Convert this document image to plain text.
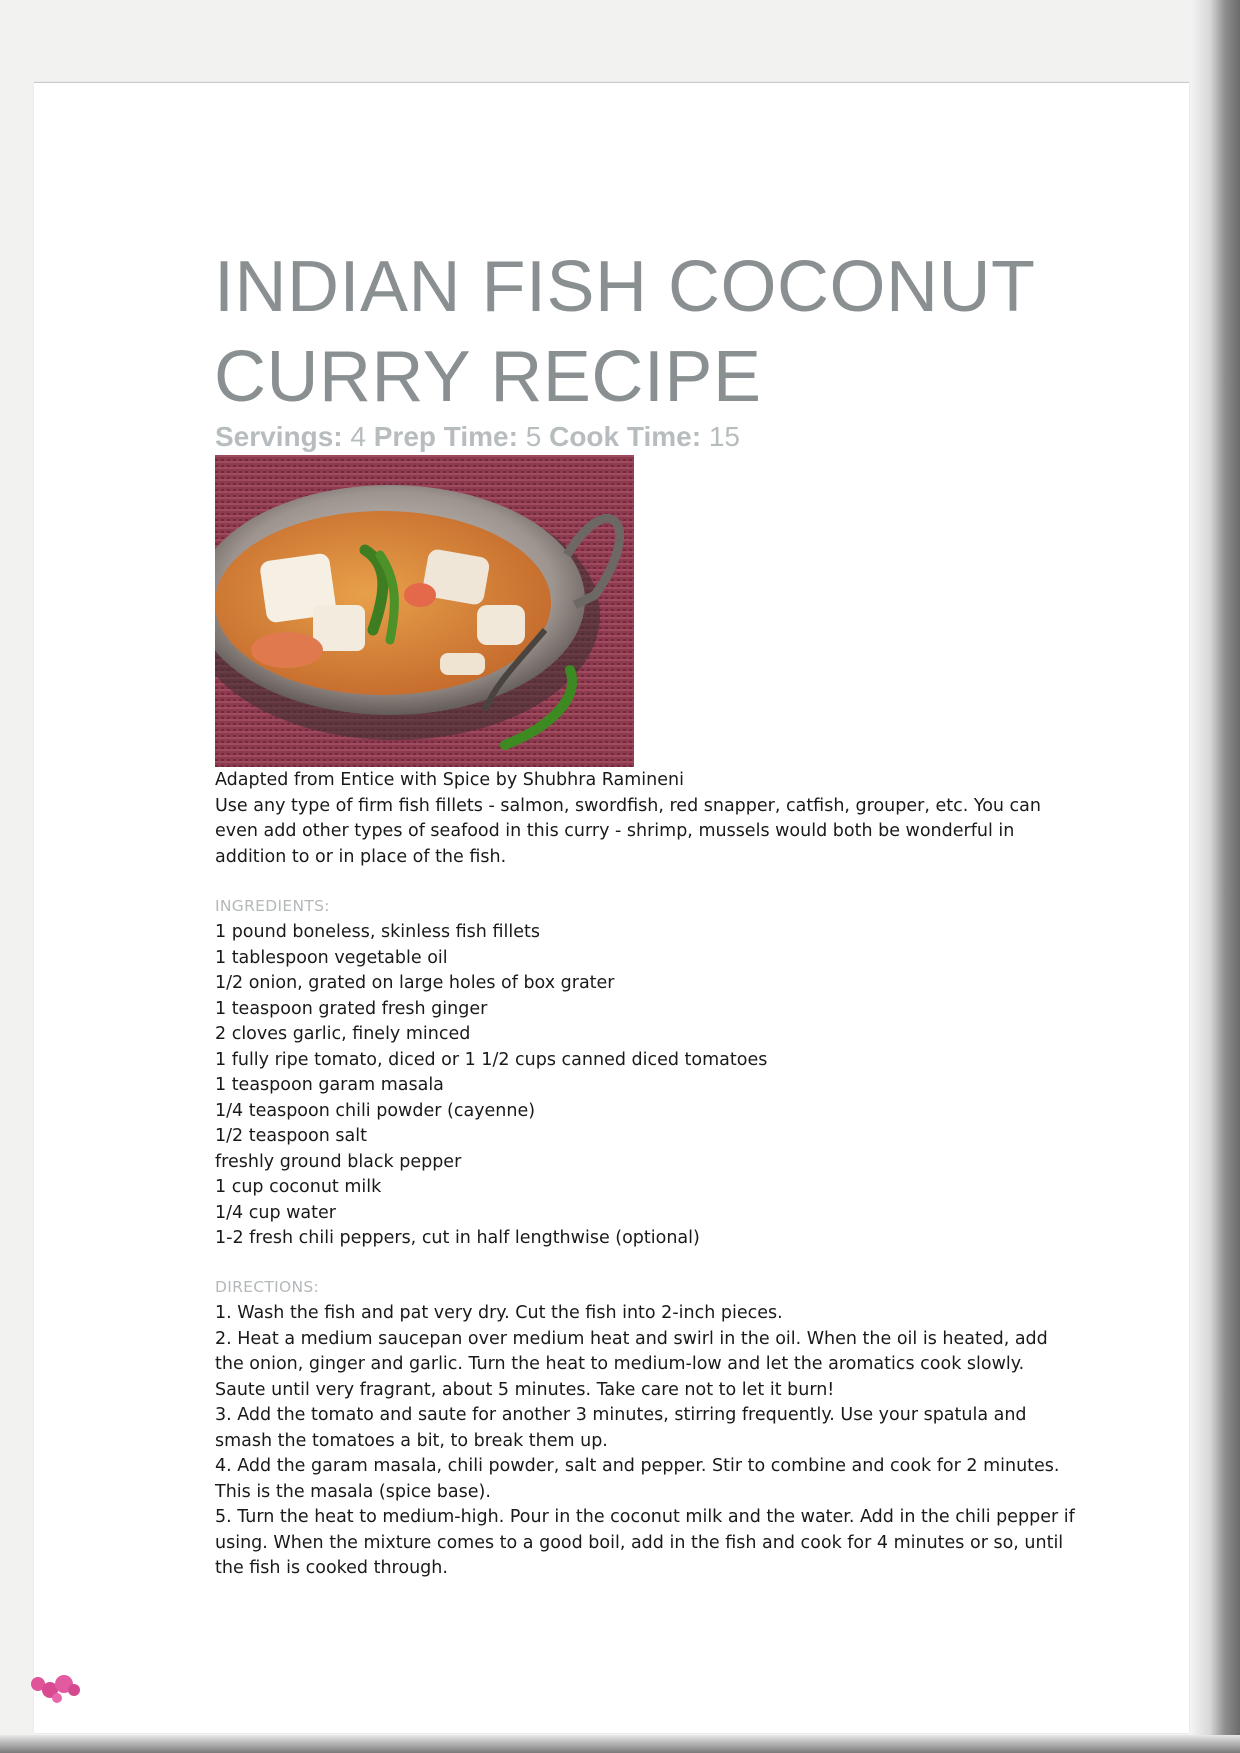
INDIAN FISH COCONUT CURRY RECIPE
Servings: 4 Prep Time: 5 Cook Time: 15

Adapted from Entice with Spice by Shubhra Ramineni

Use any type of firm fish fillets - salmon, swordfish, red snapper, catfish, grouper, etc. You can even add other types of seafood in this curry - shrimp, mussels would both be wonderful in addition to or in place of the fish.

INGREDIENTS:
1 pound boneless, skinless fish fillets
1 tablespoon vegetable oil
1/2 onion, grated on large holes of box grater
1 teaspoon grated fresh ginger
2 cloves garlic, finely minced
1 fully ripe tomato, diced or 1 1/2 cups canned diced tomatoes
1 teaspoon garam masala
1/4 teaspoon chili powder (cayenne)
1/2 teaspoon salt
freshly ground black pepper
1 cup coconut milk
1/4 cup water
1-2 fresh chili peppers, cut in half lengthwise (optional)
DIRECTIONS:

1. Wash the fish and pat very dry. Cut the fish into 2-inch pieces.

2. Heat a medium saucepan over medium heat and swirl in the oil. When the oil is heated, add the onion, ginger and garlic. Turn the heat to medium-low and let the aromatics cook slowly. Saute until very fragrant, about 5 minutes. Take care not to let it burn!

3. Add the tomato and saute for another 3 minutes, stirring frequently. Use your spatula and smash the tomatoes a bit, to break them up.

4. Add the garam masala, chili powder, salt and pepper. Stir to combine and cook for 2 minutes. This is the masala (spice base).

5. Turn the heat to medium-high. Pour in the coconut milk and the water. Add in the chili pepper if using. When the mixture comes to a good boil, add in the fish and cook for 4 minutes or so, until the fish is cooked through.
